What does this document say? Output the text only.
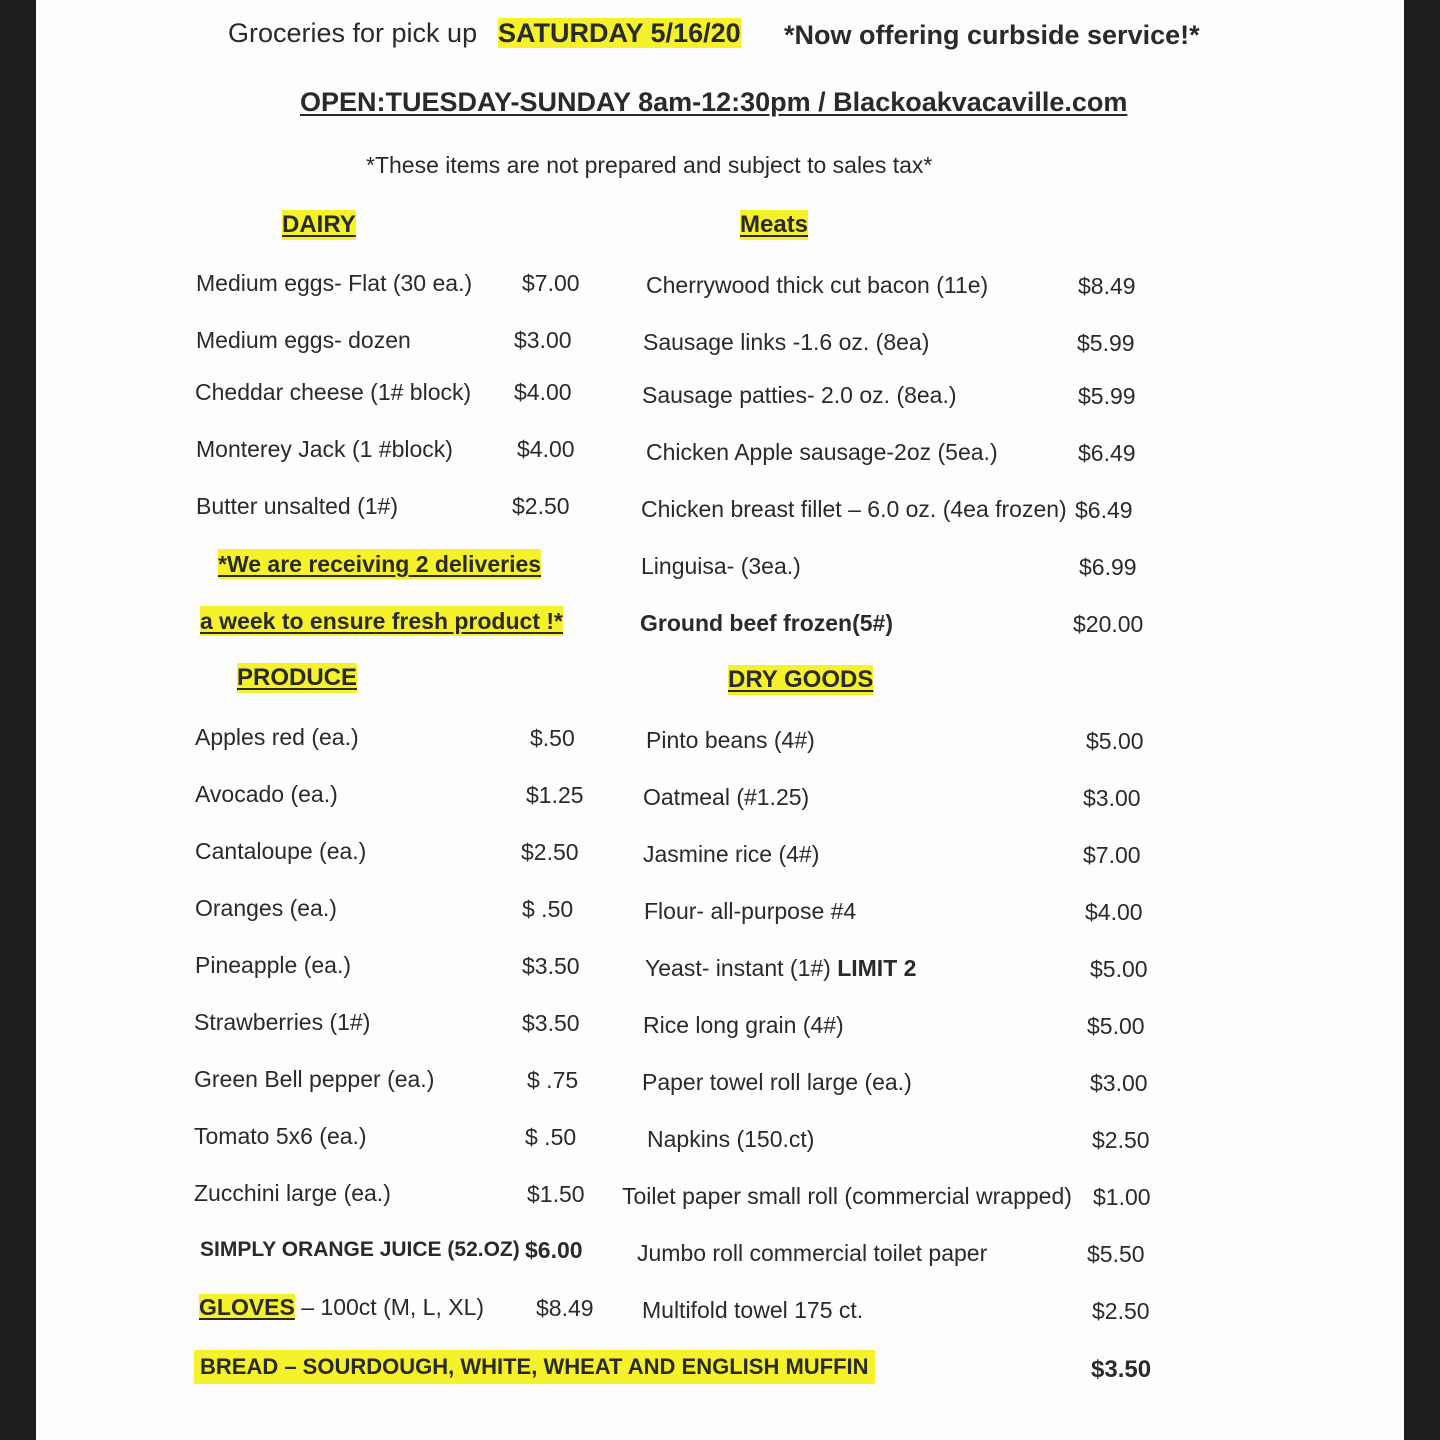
Groceries for pick up SATURDAY 5/16/20 *Now offering curbside service!*
OPEN:TUESDAY-SUNDAY 8am-12:30pm / Blackoakvacaville.com
*These items are not prepared and subject to sales tax*
DAIRY	Meats
PRODUCE	DRY GOODS
Medium eggs- Flat (30 ea.) $7.00
Medium eggs- dozen	$3.00
Cheddar cheese (1# block) $4.00
Monterey Jack (1 #block)	$4.00
Butter unsalted (1#)	$2.50
*We are receiving 2 deliveries
a week to ensure fresh product !*
Cherrywood thick cut bacon (11e)	$8.49
Sausage links -1.6 oz. (8ea)	$5.99
Sausage patties- 2.0 oz. (8ea.)	$5.99
Chicken Apple sausage-2oz (5ea.)	$6.49
Chicken breast fillet – 6.0 oz. (4ea frozen) $6.49
Linguisa- (3ea.)	$6.99
Ground beef frozen(5#)	$20.00
Apples red (ea.)	$.50
Avocado (ea.)	$1.25
Cantaloupe (ea.)	$2.50
Oranges (ea.)	$ .50
Pineapple (ea.)	$3.50
Strawberries (1#)	$3.50
Green Bell pepper (ea.)	$ .75
Tomato 5x6 (ea.)	$ .50
Zucchini large (ea.)	$1.50
SIMPLY ORANGE JUICE (52.OZ) $6.00
GLOVES – 100ct (M, L, XL) $8.49
Pinto beans (4#)	$5.00
Oatmeal (#1.25)	$3.00
Jasmine rice (4#)	$7.00
Flour- all-purpose #4	$4.00
Yeast- instant (1#) LIMIT 2	$5.00
Rice long grain (4#)	$5.00
Paper towel roll large (ea.)	$3.00
Napkins (150.ct)	$2.50
Toilet paper small roll (commercial wrapped) $1.00
Jumbo roll commercial toilet paper	$5.50
Multifold towel 175 ct.	$2.50
BREAD – SOURDOUGH, WHITE, WHEAT AND ENGLISH MUFFIN	$3.50
